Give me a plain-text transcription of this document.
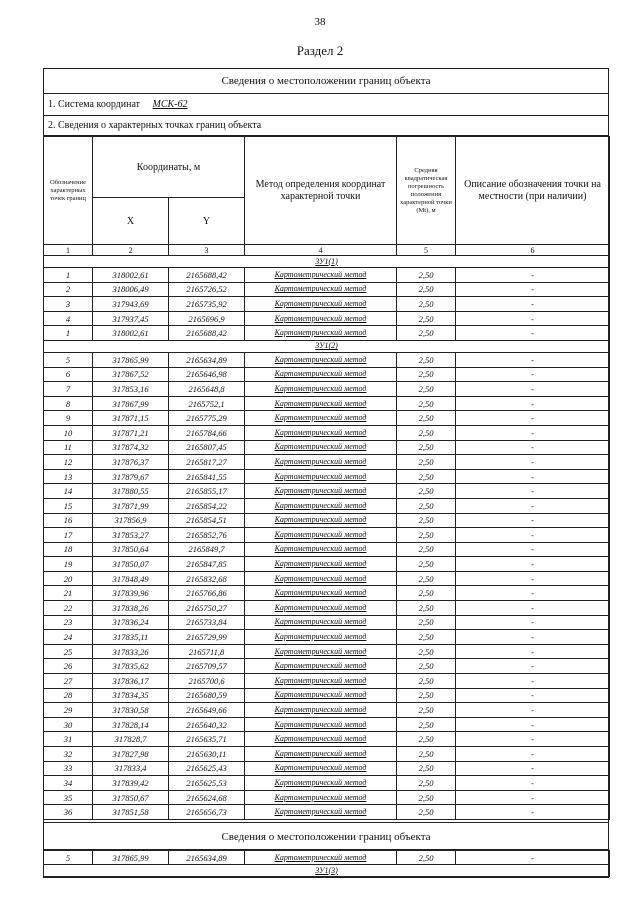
38
Раздел 2
Сведения о местоположении границ объекта
1. Система координат МСК-62
2. Сведения о характерных точках границ объекта
Обозначение характерных точек границ	Координаты, м		Метод определения координат характерной точки	Средняя квадратическая погрешность положения характерной точки (Mt), м	Описание обозначения точки на местности (при наличии)
	X	Y			
1	2	3	4	5	6
ЗУ1(1)					
1	318002,61	2165688,42	Картометрический метод	2,50	-
2	318006,49	2165726,52	Картометрический метод	2,50	-
3	317943,69	2165735,92	Картометрический метод	2,50	-
4	317937,45	2165696,9	Картометрический метод	2,50	-
1	318002,61	2165688,42	Картометрический метод	2,50	-
ЗУ1(2)					
5	317865,99	2165634,89	Картометрический метод	2,50	-
6	317867,52	2165646,98	Картометрический метод	2,50	-
7	317853,16	2165648,8	Картометрический метод	2,50	-
8	317867,99	2165752,1	Картометрический метод	2,50	-
9	317871,15	2165775,29	Картометрический метод	2,50	-
10	317871,21	2165784,66	Картометрический метод	2,50	-
11	317874,32	2165807,45	Картометрический метод	2,50	-
12	317876,37	2165817,27	Картометрический метод	2,50	-
13	317879,67	2165841,55	Картометрический метод	2,50	-
14	317880,55	2165855,17	Картометрический метод	2,50	-
15	317871,99	2165854,22	Картометрический метод	2,50	-
16	317856,9	2165854,51	Картометрический метод	2,50	-
17	317853,27	2165852,76	Картометрический метод	2,50	-
18	317850,64	2165849,7	Картометрический метод	2,50	-
19	317850,07	2165847,85	Картометрический метод	2,50	-
20	317848,49	2165832,68	Картометрический метод	2,50	-
21	317839,96	2165766,86	Картометрический метод	2,50	-
22	317838,26	2165750,27	Картометрический метод	2,50	-
23	317836,24	2165733,84	Картометрический метод	2,50	-
24	317835,11	2165729,99	Картометрический метод	2,50	-
25	317833,26	2165711,8	Картометрический метод	2,50	-
26	317835,62	2165709,57	Картометрический метод	2,50	-
27	317836,17	2165700,6	Картометрический метод	2,50	-
28	317834,35	2165680,59	Картометрический метод	2,50	-
29	317830,58	2165649,66	Картометрический метод	2,50	-
30	317828,14	2165640,32	Картометрический метод	2,50	-
31	317828,7	2165635,71	Картометрический метод	2,50	-
32	317827,98	2165630,11	Картометрический метод	2,50	-
33	317833,4	2165625,43	Картометрический метод	2,50	-
34	317839,42	2165625,53	Картометрический метод	2,50	-
35	317850,67	2165624,68	Картометрический метод	2,50	-
36	317851,58	2165656,73	Картометрический метод	2,50	-
Сведения о местоположении границ объекта
5	317865,99	2165634,89	Картометрический метод	2,50	-
ЗУ1(3)
